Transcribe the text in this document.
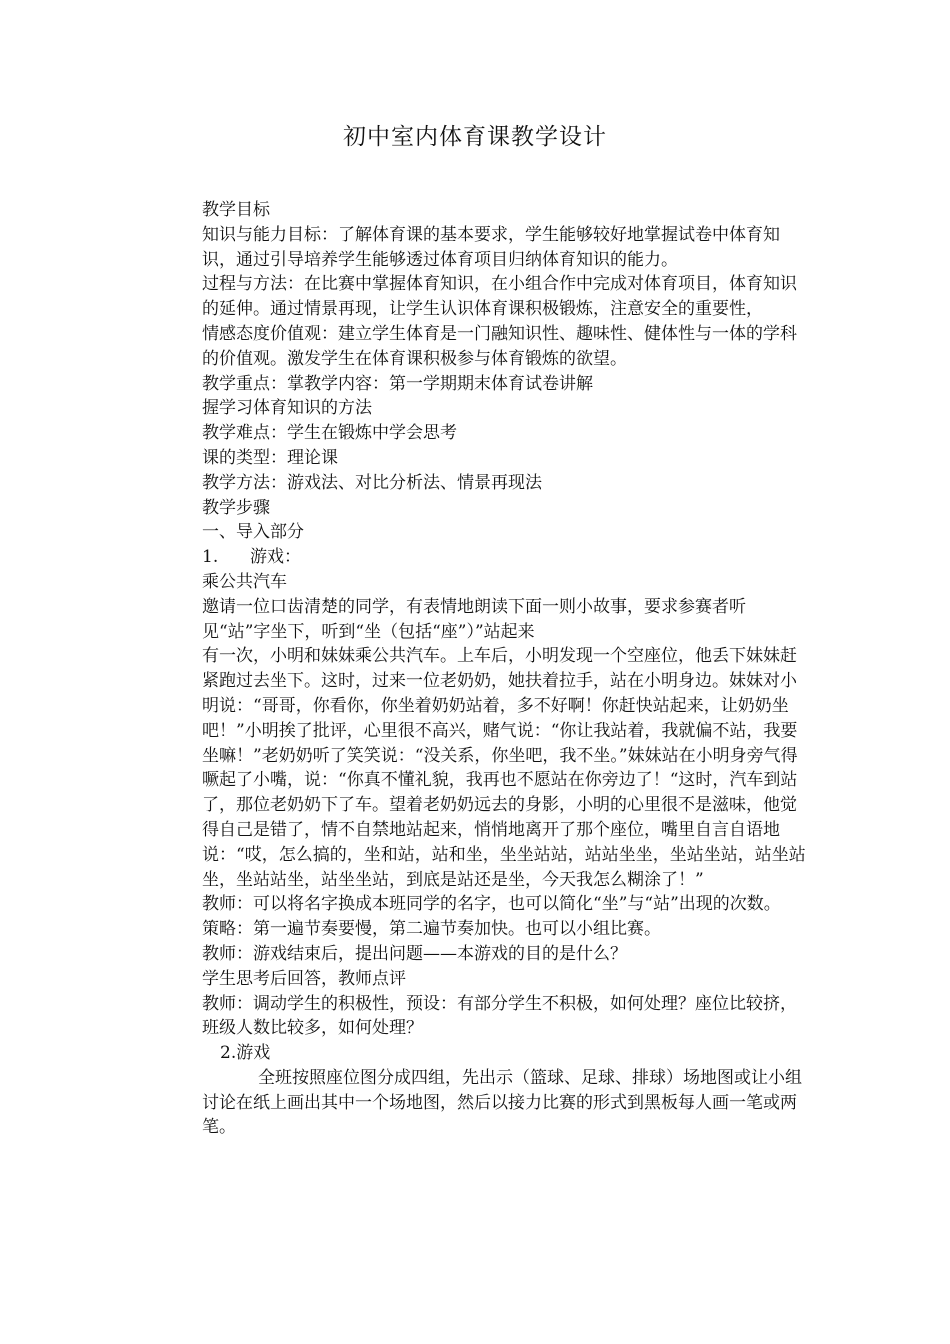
初中室内体育课教学设计

教学目标

知识与能力目标：了解体育课的基本要求，学生能够较好地掌握试卷中体育知识，通过引导培养学生能够透过体育项目归纳体育知识的能力。

过程与方法：在比赛中掌握体育知识，在小组合作中完成对体育项目，体育知识的延伸。通过情景再现，让学生认识体育课积极锻炼，注意安全的重要性，

情感态度价值观：建立学生体育是一门融知识性、趣味性、健体性与一体的学科的价值观。激发学生在体育课积极参与体育锻炼的欲望。

教学重点：掌教学内容：第一学期期末体育试卷讲解

握学习体育知识的方法

教学难点：学生在锻炼中学会思考

课的类型：理论课

教学方法：游戏法、对比分析法、情景再现法

教学步骤

一、导入部分

1. 游戏：

乘公共汽车

邀请一位口齿清楚的同学，有表情地朗读下面一则小故事，要求参赛者听见“站”字坐下，听到“坐（包括“座”）”站起来

有一次，小明和妹妹乘公共汽车。上车后，小明发现一个空座位，他丢下妹妹赶紧跑过去坐下。这时，过来一位老奶奶，她扶着拉手，站在小明身边。妹妹对小明说：“哥哥，你看你，你坐着奶奶站着，多不好啊！你赶快站起来，让奶奶坐吧！”小明挨了批评，心里很不高兴，赌气说：“你让我站着，我就偏不站，我要坐嘛！”老奶奶听了笑笑说：“没关系，你坐吧，我不坐。”妹妹站在小明身旁气得噘起了小嘴，说：“你真不懂礼貌，我再也不愿站在你旁边了！“这时，汽车到站了，那位老奶奶下了车。望着老奶奶远去的身影，小明的心里很不是滋味，他觉得自己是错了，情不自禁地站起来，悄悄地离开了那个座位，嘴里自言自语地说：“哎，怎么搞的，坐和站，站和坐，坐坐站站，站站坐坐，坐站坐站，站坐站坐，坐站站坐，站坐坐站，到底是站还是坐，今天我怎么糊涂了！”

教师：可以将名字换成本班同学的名字，也可以简化“坐”与“站”出现的次数。

策略：第一遍节奏要慢，第二遍节奏加快。也可以小组比赛。

教师：游戏结束后，提出问题——本游戏的目的是什么？

学生思考后回答，教师点评

教师：调动学生的积极性，预设：有部分学生不积极，如何处理？座位比较挤，班级人数比较多，如何处理？

2.游戏

全班按照座位图分成四组，先出示（篮球、足球、排球）场地图或让小组讨论在纸上画出其中一个场地图，然后以接力比赛的形式到黑板每人画一笔或两笔。
